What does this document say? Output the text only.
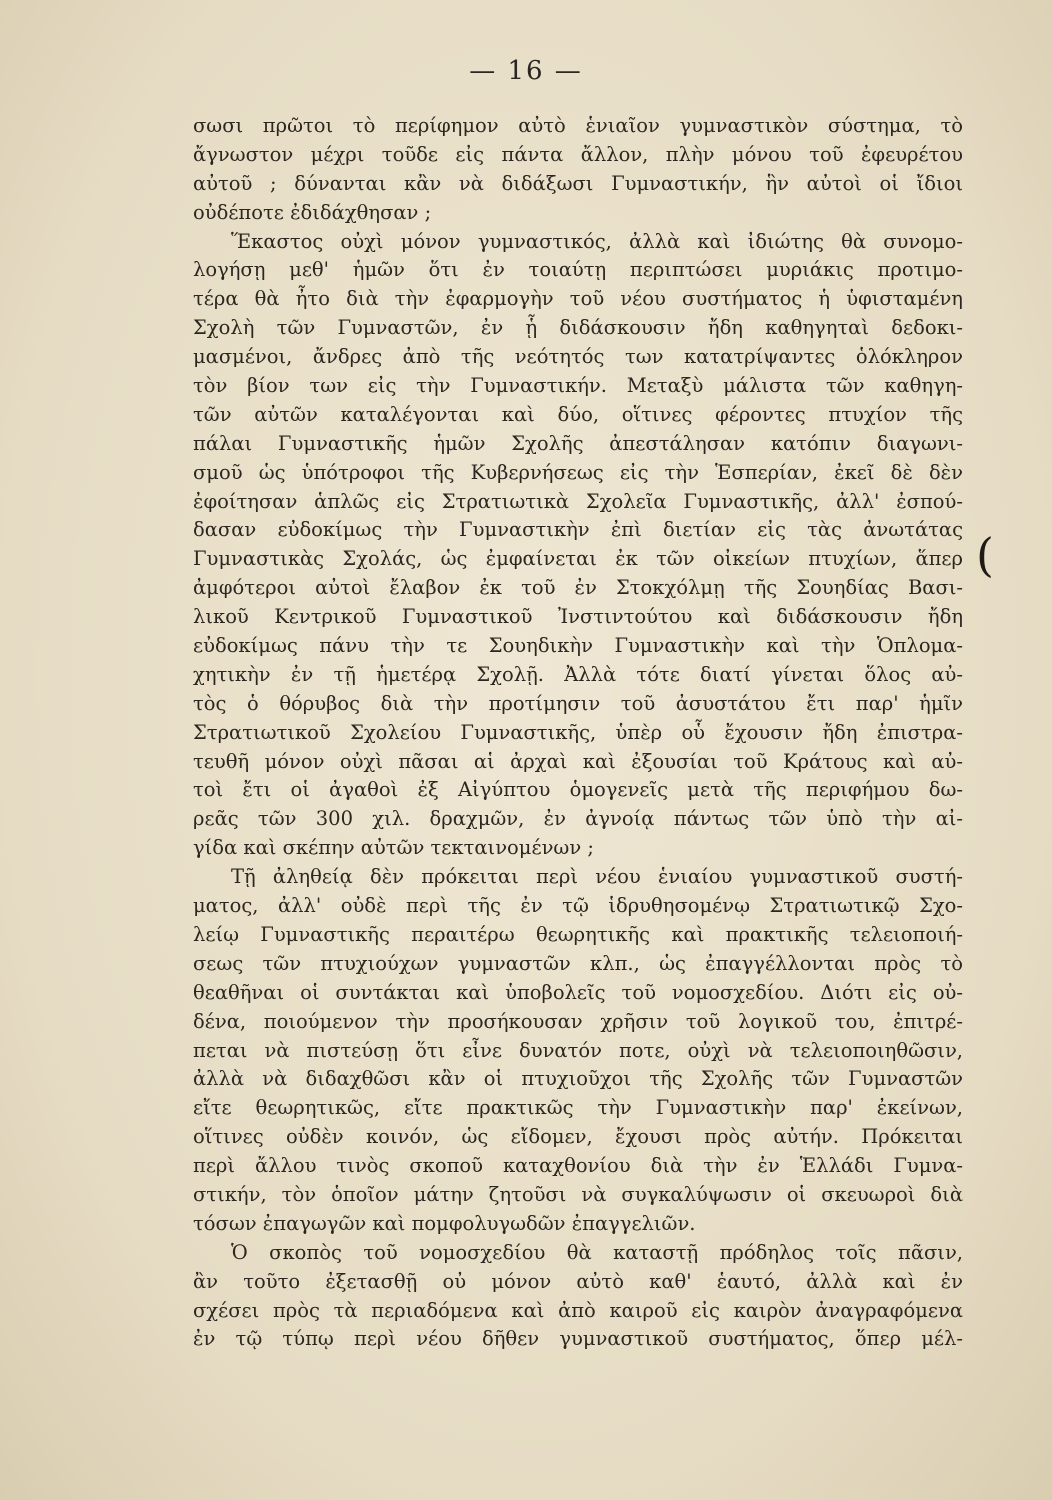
— 16 —
σωσι πρῶτοι τὸ περίφημον αὐτὸ ἑνιαῖον γυμναστικὸν σύστημα, τὸ
ἄγνωστον μέχρι τοῦδε εἰς πάντα ἄλλον, πλὴν μόνου τοῦ ἐφευρέτου
αὐτοῦ ; δύνανται κἂν νὰ διδάξωσι Γυμναστικήν, ἣν αὐτοὶ οἱ ἴδιοι
οὐδέποτε ἐδιδάχθησαν ;
Ἕκαστος οὐχὶ μόνον γυμναστικός, ἀλλὰ καὶ ἰδιώτης θὰ συνομο-
λογήσῃ μεθ' ἡμῶν ὅτι ἐν τοιαύτῃ περιπτώσει μυριάκις προτιμο-
τέρα θὰ ἦτο διὰ τὴν ἐφαρμογὴν τοῦ νέου συστήματος ἡ ὑφισταμένη
Σχολὴ τῶν Γυμναστῶν, ἐν ᾗ διδάσκουσιν ἤδη καθηγηταὶ δεδοκι-
μασμένοι, ἄνδρες ἀπὸ τῆς νεότητός των κατατρίψαντες ὁλόκληρον
τὸν βίον των εἰς τὴν Γυμναστικήν. Μεταξὺ μάλιστα τῶν καθηγη-
τῶν αὐτῶν καταλέγονται καὶ δύο, οἵτινες φέροντες πτυχίον τῆς
πάλαι Γυμναστικῆς ἡμῶν Σχολῆς ἀπεστάλησαν κατόπιν διαγωνι-
σμοῦ ὡς ὑπότροφοι τῆς Κυβερνήσεως εἰς τὴν Ἑσπερίαν, ἐκεῖ δὲ δὲν
ἐφοίτησαν ἁπλῶς εἰς Στρατιωτικὰ Σχολεῖα Γυμναστικῆς, ἀλλ' ἐσπού-
δασαν εὐδοκίμως τὴν Γυμναστικὴν ἐπὶ διετίαν εἰς τὰς ἀνωτάτας
Γυμναστικὰς Σχολάς, ὡς ἐμφαίνεται ἐκ τῶν οἰκείων πτυχίων, ἅπερ
ἀμφότεροι αὐτοὶ ἔλαβον ἐκ τοῦ ἐν Στοκχόλμῃ τῆς Σουηδίας Βασι-
λικοῦ Κεντρικοῦ Γυμναστικοῦ Ἰνστιντούτου καὶ διδάσκουσιν ἤδη
εὐδοκίμως πάνυ τὴν τε Σουηδικὴν Γυμναστικὴν καὶ τὴν Ὁπλομα-
χητικὴν ἐν τῇ ἡμετέρᾳ Σχολῇ. Ἀλλὰ τότε διατί γίνεται ὅλος αὐ-
τὸς ὁ θόρυβος διὰ τὴν προτίμησιν τοῦ ἀσυστάτου ἔτι παρ' ἡμῖν
Στρατιωτικοῦ Σχολείου Γυμναστικῆς, ὑπὲρ οὗ ἔχουσιν ἤδη ἐπιστρα-
τευθῆ μόνον οὐχὶ πᾶσαι αἱ ἀρχαὶ καὶ ἐξουσίαι τοῦ Κράτους καὶ αὐ-
τοὶ ἔτι οἱ ἀγαθοὶ ἐξ Αἰγύπτου ὁμογενεῖς μετὰ τῆς περιφήμου δω-
ρεᾶς τῶν 300 χιλ. δραχμῶν, ἐν ἀγνοίᾳ πάντως τῶν ὑπὸ τὴν αἰ-
γίδα καὶ σκέπην αὐτῶν τεκταινομένων ;
Τῇ ἀληθείᾳ δὲν πρόκειται περὶ νέου ἑνιαίου γυμναστικοῦ συστή-
ματος, ἀλλ' οὐδὲ περὶ τῆς ἐν τῷ ἱδρυθησομένῳ Στρατιωτικῷ Σχο-
λείῳ Γυμναστικῆς περαιτέρω θεωρητικῆς καὶ πρακτικῆς τελειοποιή-
σεως τῶν πτυχιούχων γυμναστῶν κλπ., ὡς ἐπαγγέλλονται πρὸς τὸ
θεαθῆναι οἱ συντάκται καὶ ὑποβολεῖς τοῦ νομοσχεδίου. Διότι εἰς οὐ-
δένα, ποιούμενον τὴν προσήκουσαν χρῆσιν τοῦ λογικοῦ του, ἐπιτρέ-
πεται νὰ πιστεύσῃ ὅτι εἶνε δυνατόν ποτε, οὐχὶ νὰ τελειοποιηθῶσιν,
ἀλλὰ νὰ διδαχθῶσι κἂν οἱ πτυχιοῦχοι τῆς Σχολῆς τῶν Γυμναστῶν
εἴτε θεωρητικῶς, εἴτε πρακτικῶς τὴν Γυμναστικὴν παρ' ἐκείνων,
οἵτινες οὐδὲν κοινόν, ὡς εἴδομεν, ἔχουσι πρὸς αὐτήν. Πρόκειται
περὶ ἄλλου τινὸς σκοποῦ καταχθονίου διὰ τὴν ἐν Ἑλλάδι Γυμνα-
στικήν, τὸν ὁποῖον μάτην ζητοῦσι νὰ συγκαλύψωσιν οἱ σκευωροὶ διὰ
τόσων ἐπαγωγῶν καὶ πομφολυγωδῶν ἐπαγγελιῶν.
Ὁ σκοπὸς τοῦ νομοσχεδίου θὰ καταστῇ πρόδηλος τοῖς πᾶσιν,
ἂν τοῦτο ἐξετασθῇ οὐ μόνον αὐτὸ καθ' ἑαυτό, ἀλλὰ καὶ ἐν
σχέσει πρὸς τὰ περιαδόμενα καὶ ἀπὸ καιροῦ εἰς καιρὸν ἀναγραφόμενα
ἐν τῷ τύπῳ περὶ νέου δῆθεν γυμναστικοῦ συστήματος, ὅπερ μέλ-
(
